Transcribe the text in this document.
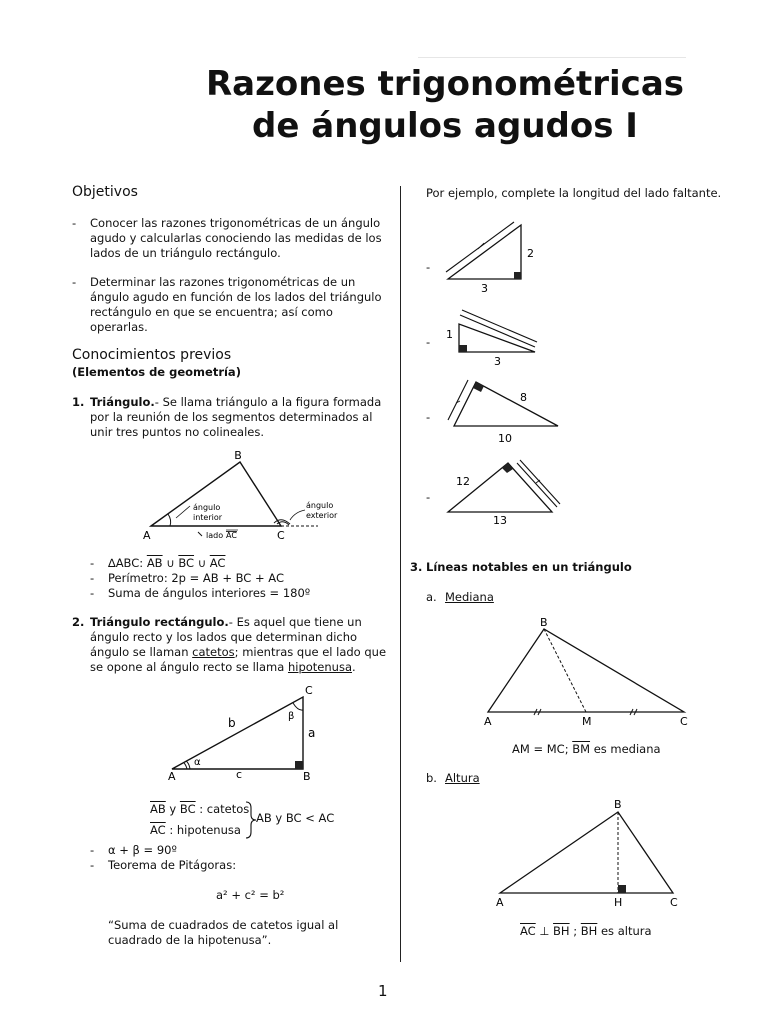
Razones trigonométricas
de ángulos agudos I
Objetivos
- Conocer las razones trigonométricas de un ángulo agudo y calcularlas conociendo las medidas de los lados de un triángulo rectángulo.
- Determinar las razones trigonométricas de un ángulo agudo en función de los lados del triángulo rectángulo en que se encuentra; así como operarlas.
Conocimientos previos
(Elementos de geometría)
1. Triángulo.- Se llama triángulo a la figura formada por la reunión de los segmentos determinados al unir tres puntos no colineales.
B
A	C
ángulo
interior
ángulo
exterior
lado AC
- ∆ABC: $\overline{AB}$ ∪ $\overline{BC}$ ∪ $\overline{AC}$
- Perímetro: 2p = AB + BC + AC
- Suma de ángulos interiores = 180º
2. Triángulo rectángulo.- Es aquel que tiene un ángulo recto y los lados que determinan dicho ángulo se llaman catetos; mientras que el lado que se opone al ángulo recto se llama hipotenusa.
C
A	B
a
b
c
α
β
$\overline{AB}$ y $\overline{BC}$ : catetos
$\overline{AC}$ : hipotenusa
AB y BC < AC
- α + β = 90º
- Teorema de Pitágoras:
a² + c² = b²
“Suma de cuadrados de catetos igual al cuadrado de la hipotenusa”.
Por ejemplo, complete la longitud del lado faltante.
-
2
3
-
1
3
-
8
10
-
12
13
3. Líneas notables en un triángulo
a. Mediana
B
A	M	C
AM = MC; $\overline{BM}$ es mediana
b. Altura
B
A	H	C
$\overline{AC}$ ⊥ $\overline{BH}$ ; $\overline{BH}$ es altura
1
